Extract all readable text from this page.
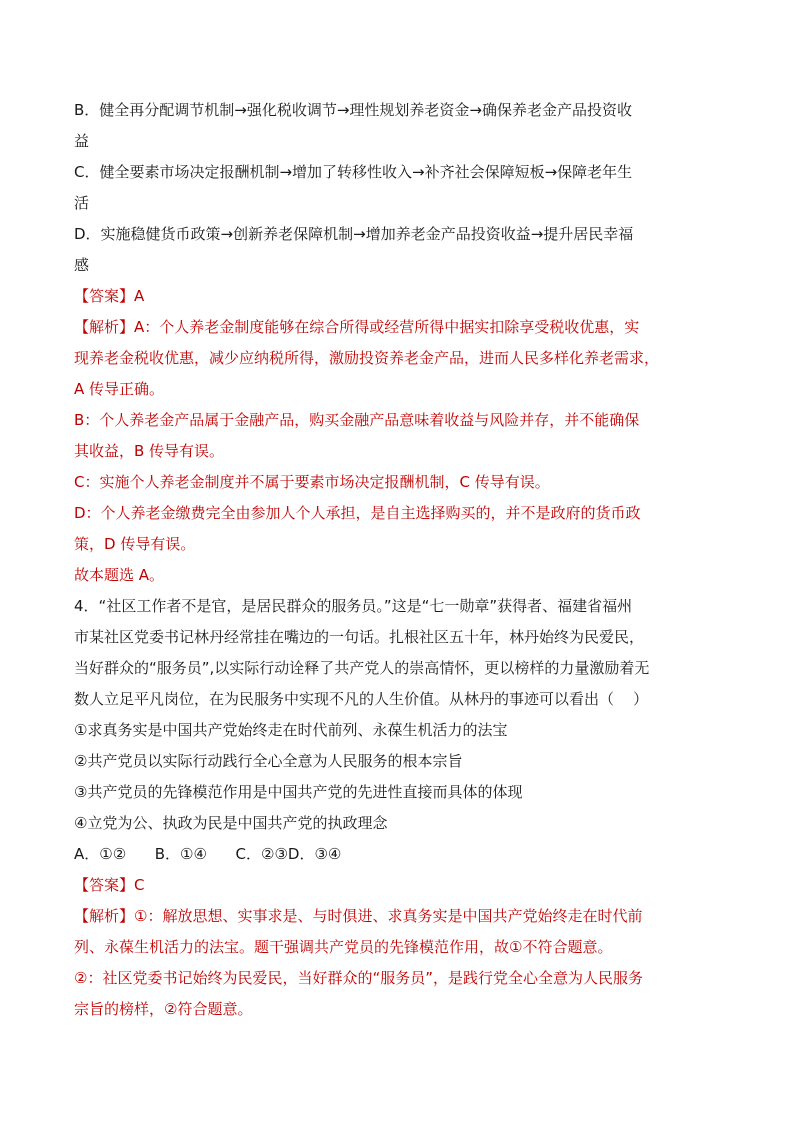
B．健全再分配调节机制→强化税收调节→理性规划养老资金→确保养老金产品投资收
益
C．健全要素市场决定报酬机制→增加了转移性收入→补齐社会保障短板→保障老年生
活
D．实施稳健货币政策→创新养老保障机制→增加养老金产品投资收益→提升居民幸福
感
【答案】A
【解析】A：个人养老金制度能够在综合所得或经营所得中据实扣除享受税收优惠，实
现养老金税收优惠，减少应纳税所得，激励投资养老金产品，进而人民多样化养老需求，
A 传导正确。
B：个人养老金产品属于金融产品，购买金融产品意味着收益与风险并存，并不能确保
其收益，B 传导有误。
C：实施个人养老金制度并不属于要素市场决定报酬机制，C 传导有误。
D：个人养老金缴费完全由参加人个人承担，是自主选择购买的，并不是政府的货币政
策，D 传导有误。
故本题选 A。
4．“社区工作者不是官，是居民群众的服务员。”这是“七一勋章”获得者、福建省福州
市某社区党委书记林丹经常挂在嘴边的一句话。扎根社区五十年，林丹始终为民爱民，
当好群众的“服务员”,以实际行动诠释了共产党人的崇高情怀，更以榜样的力量激励着无
数人立足平凡岗位，在为民服务中实现不凡的人生价值。从林丹的事迹可以看出（    ）
①求真务实是中国共产党始终走在时代前列、永葆生机活力的法宝
②共产党员以实际行动践行全心全意为人民服务的根本宗旨
③共产党员的先锋模范作用是中国共产党的先进性直接而具体的体现
④立党为公、执政为民是中国共产党的执政理念
A．①②      B．①④      C．②③D．③④
【答案】C
【解析】①：解放思想、实事求是、与时俱进、求真务实是中国共产党始终走在时代前
列、永葆生机活力的法宝。题干强调共产党员的先锋模范作用，故①不符合题意。
②：社区党委书记始终为民爱民，当好群众的“服务员”，是践行党全心全意为人民服务
宗旨的榜样，②符合题意。
